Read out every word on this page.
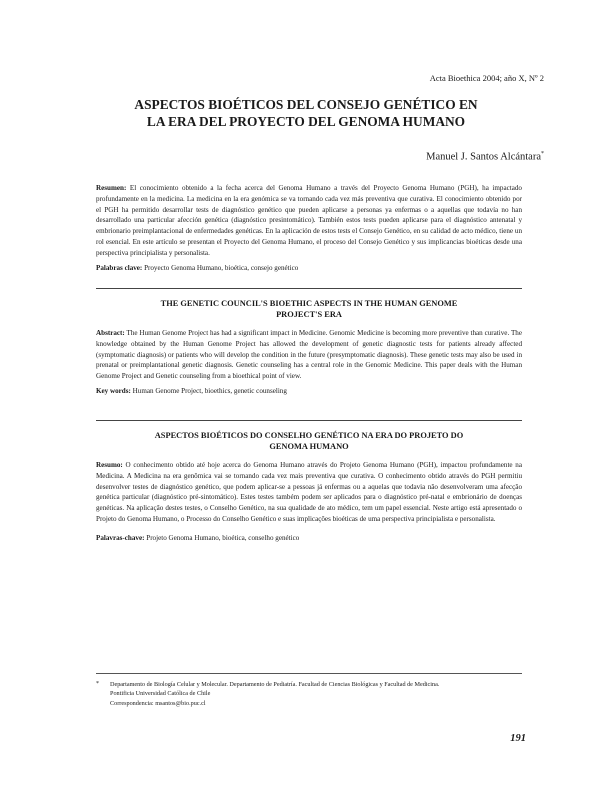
Acta Bioethica 2004; año X, Nº 2
ASPECTOS BIOÉTICOS DEL CONSEJO GENÉTICO EN
LA ERA DEL PROYECTO DEL GENOMA HUMANO
Manuel J. Santos Alcántara*

Resumen: El conocimiento obtenido a la fecha acerca del Genoma Humano a través del Proyecto Genoma Humano (PGH), ha impactado profundamente en la medicina. La medicina en la era genómica se va tornando cada vez más preventiva que curativa. El conocimiento obtenido por el PGH ha permitido desarrollar tests de diagnóstico genético que pueden aplicarse a personas ya enfermas o a aquellas que todavía no han desarrollado una particular afección genética (diagnóstico presintomático). También estos tests pueden aplicarse para el diagnóstico antenatal y embrionario preimplantacional de enfermedades genéticas. En la aplicación de estos tests el Consejo Genético, en su calidad de acto médico, tiene un rol esencial. En este artículo se presentan el Proyecto del Genoma Humano, el proceso del Consejo Genético y sus implicancias bioéticas desde una perspectiva principialista y personalista.

Palabras clave: Proyecto Genoma Humano, bioética, consejo genético

THE GENETIC COUNCIL'S BIOETHIC ASPECTS IN THE HUMAN GENOME
PROJECT'S ERA

Abstract: The Human Genome Project has had a significant impact in Medicine. Genomic Medicine is becoming more preventive than curative. The knowledge obtained by the Human Genome Project has allowed the development of genetic diagnostic tests for patients already affected (symptomatic diagnosis) or patients who will develop the condition in the future (presymptomatic diagnosis). These genetic tests may also be used in prenatal or preimplantational genetic diagnosis. Genetic counseling has a central role in the Genomic Medicine. This paper deals with the Human Genome Project and Genetic counseling from a bioethical point of view.

Key words: Human Genome Project, bioethics, genetic counseling

ASPECTOS BIOÉTICOS DO CONSELHO GENÉTICO NA ERA DO PROJETO DO
GENOMA HUMANO

Resumo: O conhecimento obtido até hoje acerca do Genoma Humano através do Projeto Genoma Humano (PGH), impactou profundamente na Medicina. A Medicina na era genômica vai se tornando cada vez mais preventiva que curativa. O conhecimento obtido através do PGH permitiu desenvolver testes de diagnóstico genético, que podem aplicar-se a pessoas já enfermas ou a aquelas que todavia não desenvolveram uma afecção genética particular (diagnóstico pré-sintomático). Estes testes também podem ser aplicados para o diagnóstico pré-natal e embrionário de doenças genéticas. Na aplicação destes testes, o Conselho Genético, na sua qualidade de ato médico, tem um papel essencial. Neste artigo está apresentado o Projeto do Genoma Humano, o Processo do Conselho Genético e suas implicações bioéticas de uma perspectiva principialista e personalista.

Palavras-chave: Projeto Genoma Humano, bioética, conselho genético

* Departamento de Biología Celular y Molecular. Departamento de Pediatría. Facultad de Ciencias Biológicas y Facultad de Medicina.
Pontificia Universidad Católica de Chile
Correspondencia: msantos@bio.puc.cl
191
